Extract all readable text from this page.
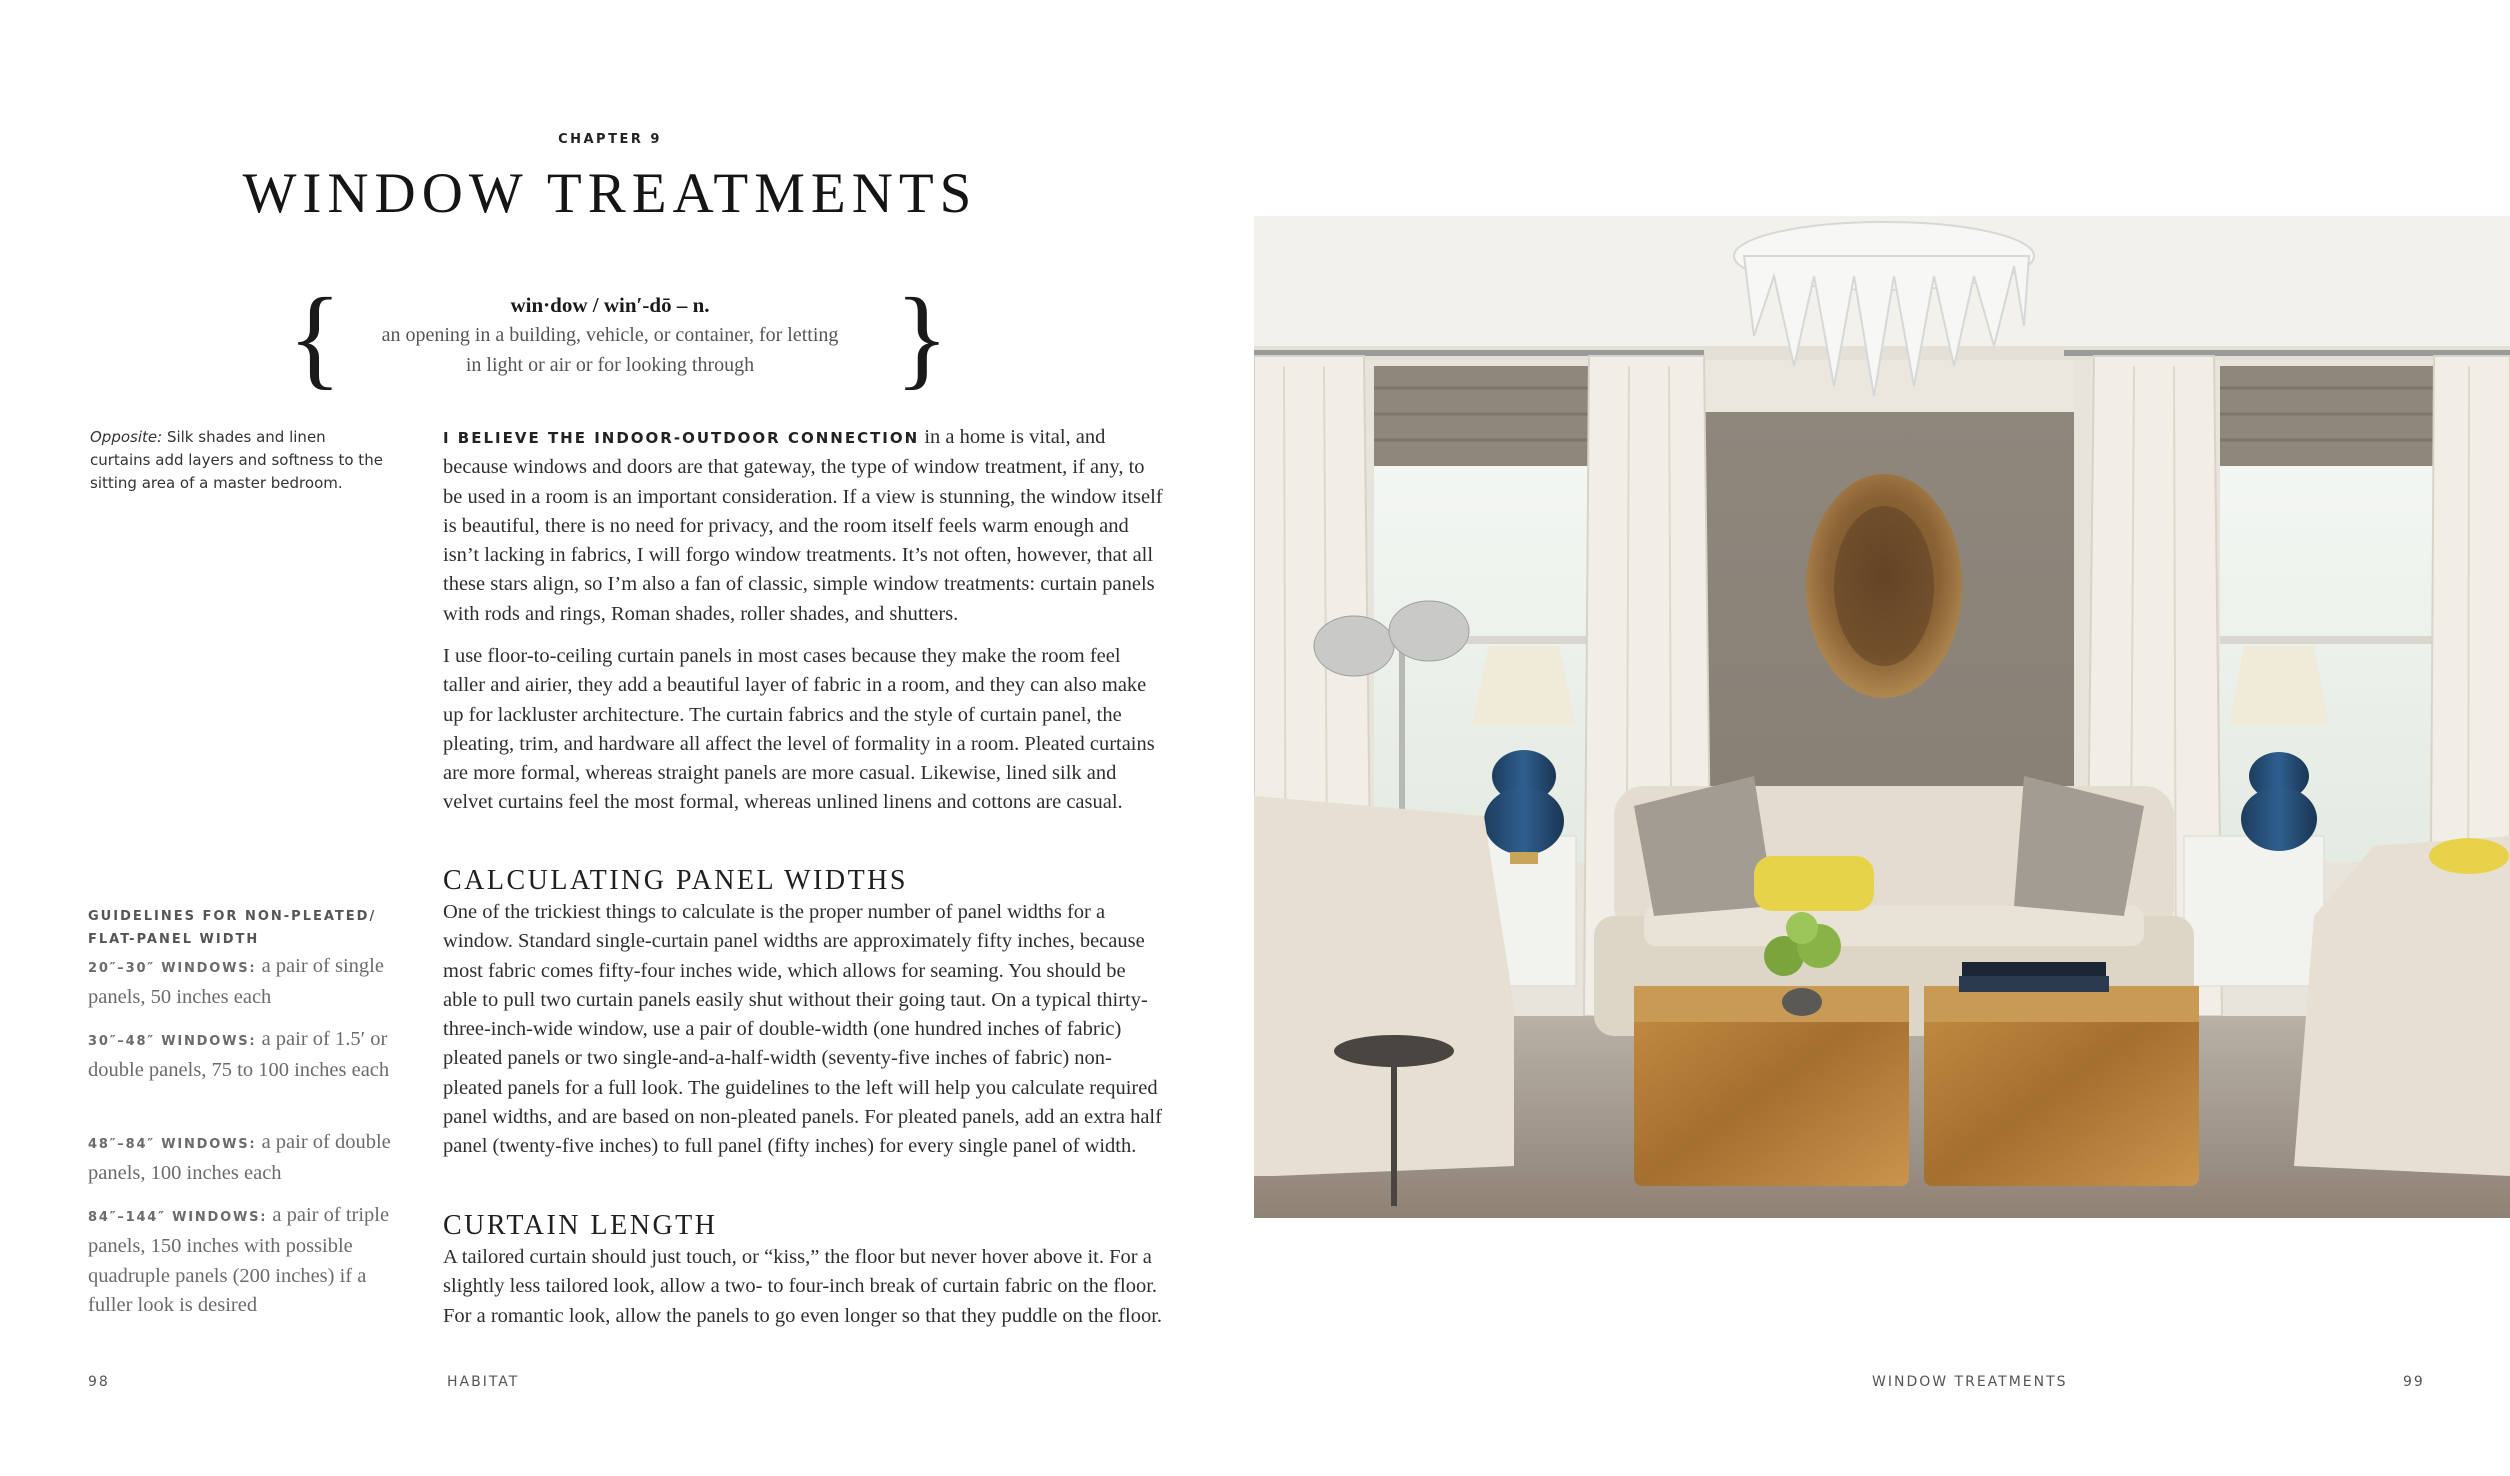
CHAPTER 9
WINDOW TREATMENTS
{	win·dow / win′-dō – n.
an opening in a building, vehicle, or container, for letting
in light or air or for looking through	}
Opposite: Silk shades and linen curtains add layers and softness to the sitting area of a master bedroom.
I BELIEVE THE INDOOR-OUTDOOR CONNECTION in a home is vital, and because windows and doors are that gateway, the type of window treatment, if any, to be used in a room is an important consideration. If a view is stunning, the window itself is beautiful, there is no need for privacy, and the room itself feels warm enough and isn’t lacking in fabrics, I will forgo window treatments. It’s not often, however, that all these stars align, so I’m also a fan of classic, simple window treatments: curtain panels with rods and rings, Roman shades, roller shades, and shutters.
I use floor-to-ceiling curtain panels in most cases because they make the room feel taller and airier, they add a beautiful layer of fabric in a room, and they can also make up for lackluster architecture. The curtain fabrics and the style of curtain panel, the pleating, trim, and hardware all affect the level of formality in a room. Pleated curtains are more formal, whereas straight panels are more casual. Likewise, lined silk and velvet curtains feel the most formal, whereas unlined linens and cottons are casual.
CALCULATING PANEL WIDTHS
One of the trickiest things to calculate is the proper number of panel widths for a window. Standard single-curtain panel widths are approximately fifty inches, because most fabric comes fifty-four inches wide, which allows for seaming. You should be able to pull two curtain panels easily shut without their going taut. On a typical thirty-three-inch-wide window, use a pair of double-width (one hundred inches of fabric) pleated panels or two single-and-a-half-width (seventy-five inches of fabric) non-pleated panels for a full look. The guidelines to the left will help you calculate required panel widths, and are based on non-pleated panels. For pleated panels, add an extra half panel (twenty-five inches) to full panel (fifty inches) for every single panel of width.
CURTAIN LENGTH
A tailored curtain should just touch, or “kiss,” the floor but never hover above it. For a slightly less tailored look, allow a two- to four-inch break of curtain fabric on the floor. For a romantic look, allow the panels to go even longer so that they puddle on the floor.
GUIDELINES FOR NON-PLEATED/ FLAT-PANEL WIDTH
20″–30″ WINDOWS: a pair of single panels, 50 inches each
30″–48″ WINDOWS: a pair of 1.5′ or double panels, 75 to 100 inches each
48″–84″ WINDOWS: a pair of double panels, 100 inches each
84″–144″ WINDOWS: a pair of triple panels, 150 inches with possible quadruple panels (200 inches) if a fuller look is desired
98	HABITAT	WINDOW TREATMENTS	99
